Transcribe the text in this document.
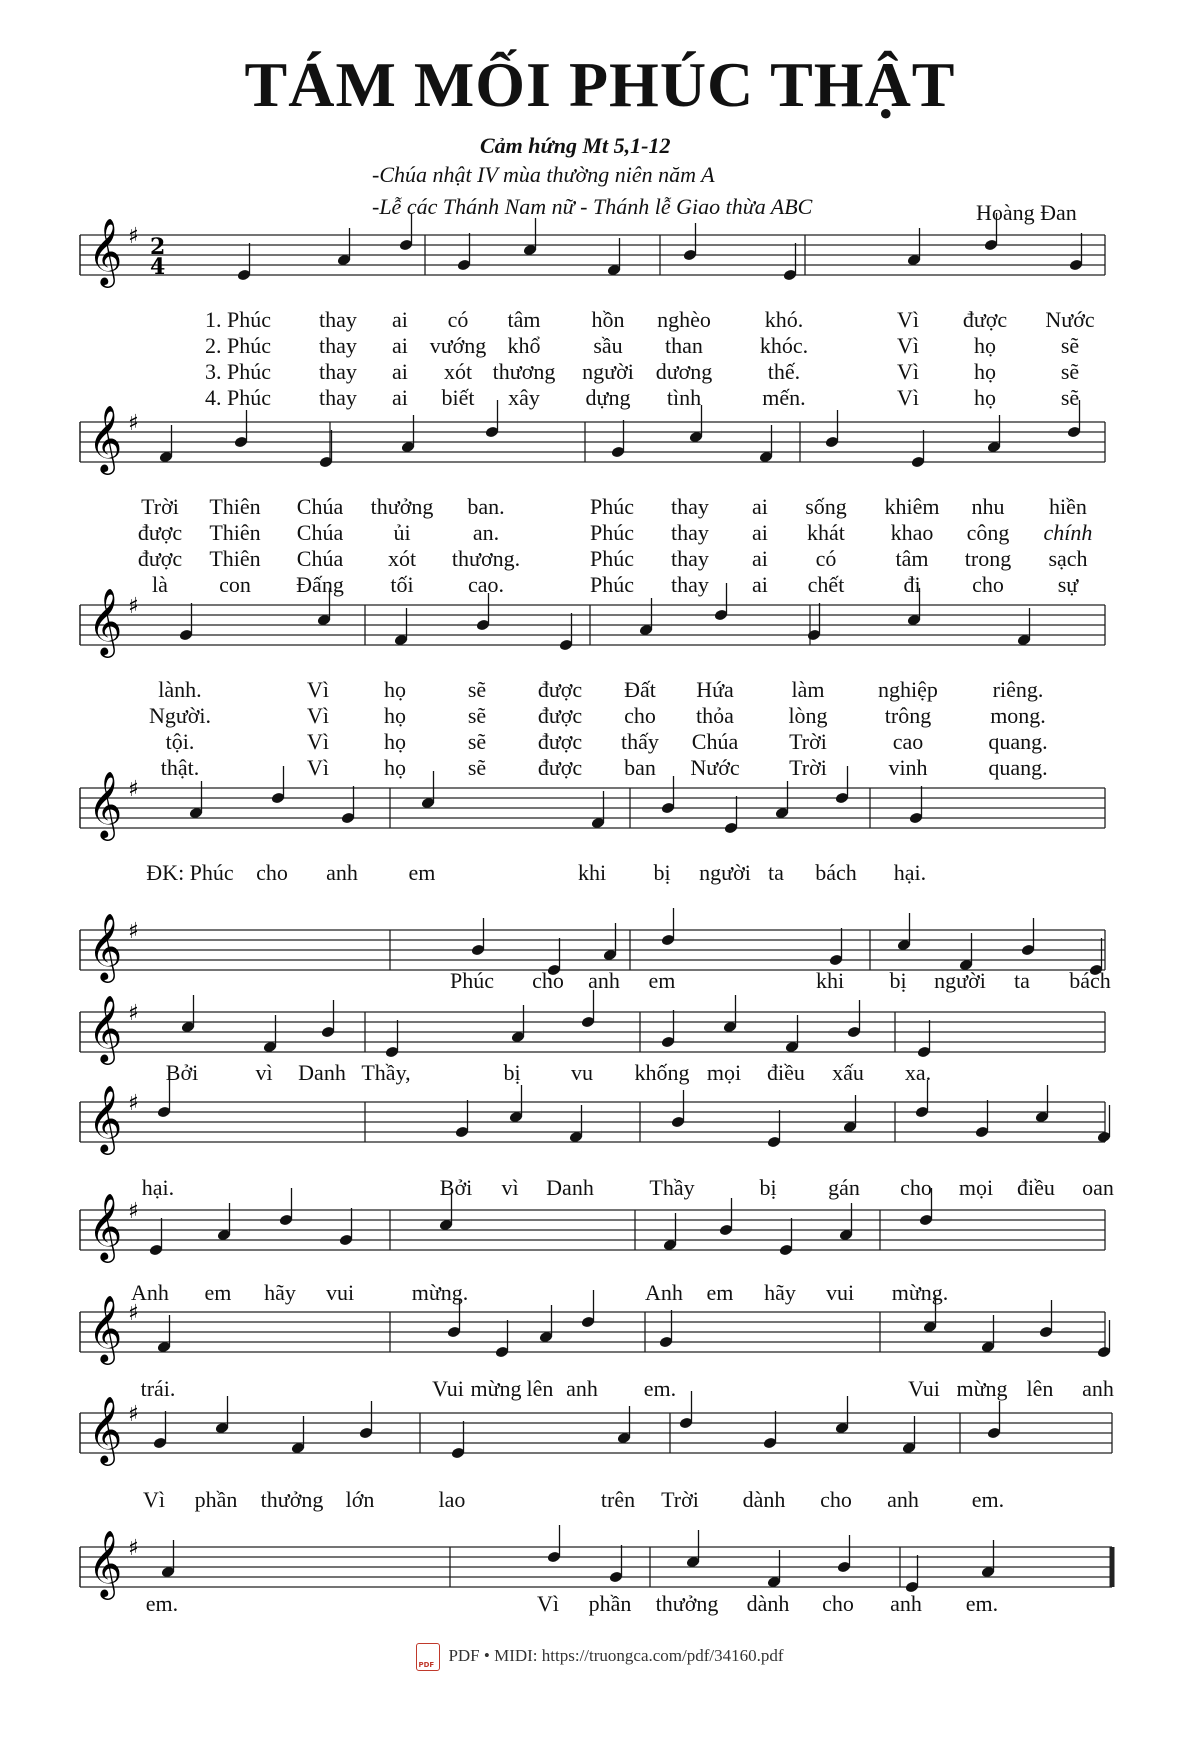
TÁM MỐI PHÚC THẬT
Cảm hứng Mt 5,1-12
-Chúa nhật IV mùa thường niên năm A
-Lễ các Thánh Nam nữ - Thánh lễ Giao thừa ABC	Hoàng Đan
𝄞 ♯ 2
4
1. Phúc thay ai có tâm hồn nghèo khó.	Vì được Nước
2. Phúc thay ai vướng khổ sầu than	khóc.	Vì	họ	sẽ
3. Phúc thay ai xót thương người dương	thế.	Vì	họ	sẽ
4. Phúc thay ai biết xây dựng tình	mến.	Vì	họ	sẽ
𝄞 ♯
Trời Thiên Chúa thưởng ban.	Phúc thay ai sống khiêm nhu hiền
được Thiên Chúa ủi	an.	Phúc thay ai khát khao công chính
được Thiên Chúa xót thương.	Phúc thay ai có	tâm trong sạch
là con Đấng tối cao.	Phúc thay ai chết	đi cho sự
𝄞 ♯
lành.	Vì	họ	sẽ được Đất Hứa	làm nghiệp riêng.
Người.	Vì	họ	sẽ được cho thỏa lòng	trông	mong.
tội.	Vì	họ	sẽ được thấy Chúa Trời	cao	quang.
thật.	Vì	họ	sẽ được ban Nước Trời	vinh	quang.
𝄞 ♯
ĐK: Phúc cho anh em	khi bị người ta bách hại.
𝄞 ♯
Phúc cho anh em	khi bị người ta bách
𝄞 ♯
Bởi	vì Danh Thầy,	bị vu khống mọi điều xấu xa.
𝄞 ♯
hại.	Bởi vì Danh	Thầy	bị gán cho mọi điều oan
𝄞 ♯
Anh em hãy vui	mừng.	Anh em hãy vui mừng.
𝄞 ♯
trái.	Vui mừng lên anh em.	Vui mừng lên anh
𝄞 ♯
Vì phần thưởng lớn	lao	trên Trời dành cho anh em.
𝄞 ♯
em.	Vì phần thưởng dành cho anh em.
PDFPDF • MIDI: https://truongca.com/pdf/34160.pdf
